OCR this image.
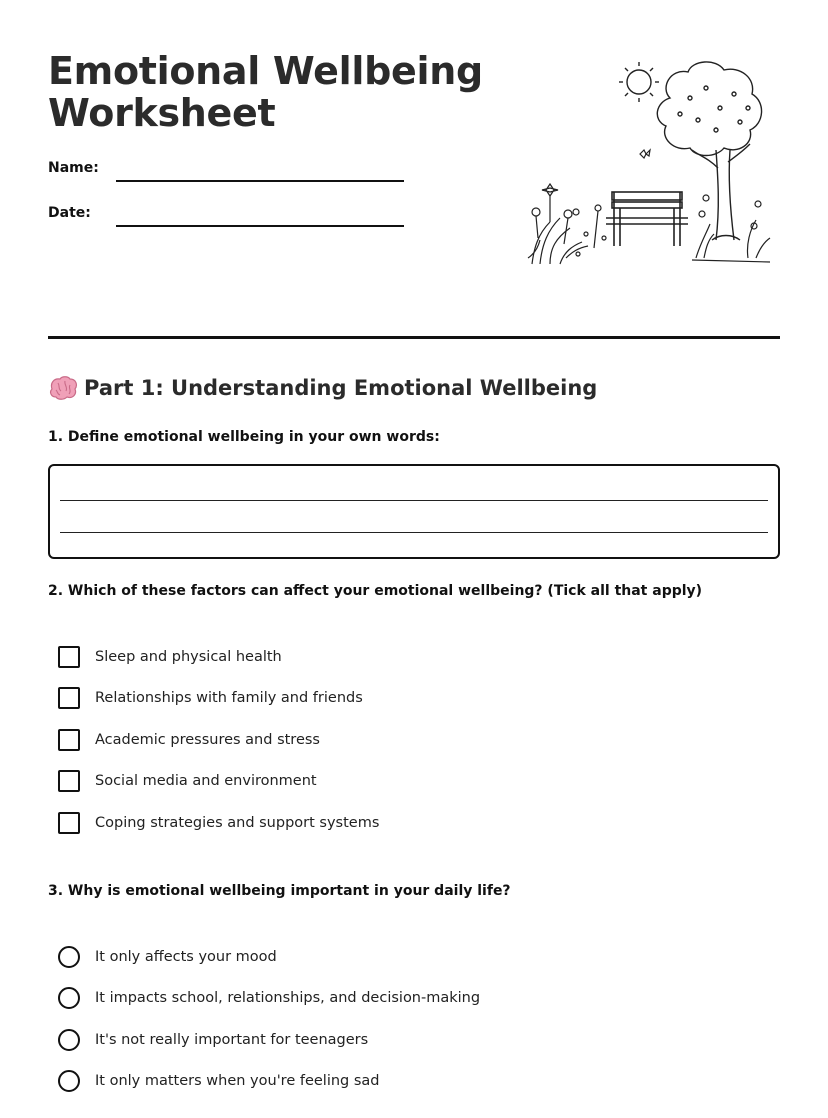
Emotional Wellbeing Worksheet
Name:
Date:
Part 1: Understanding Emotional Wellbeing
1. Define emotional wellbeing in your own words:
2. Which of these factors can affect your emotional wellbeing? (Tick all that apply)
Sleep and physical health
Relationships with family and friends
Academic pressures and stress
Social media and environment
Coping strategies and support systems
3. Why is emotional wellbeing important in your daily life?
It only affects your mood
It impacts school, relationships, and decision-making
It's not really important for teenagers
It only matters when you're feeling sad
